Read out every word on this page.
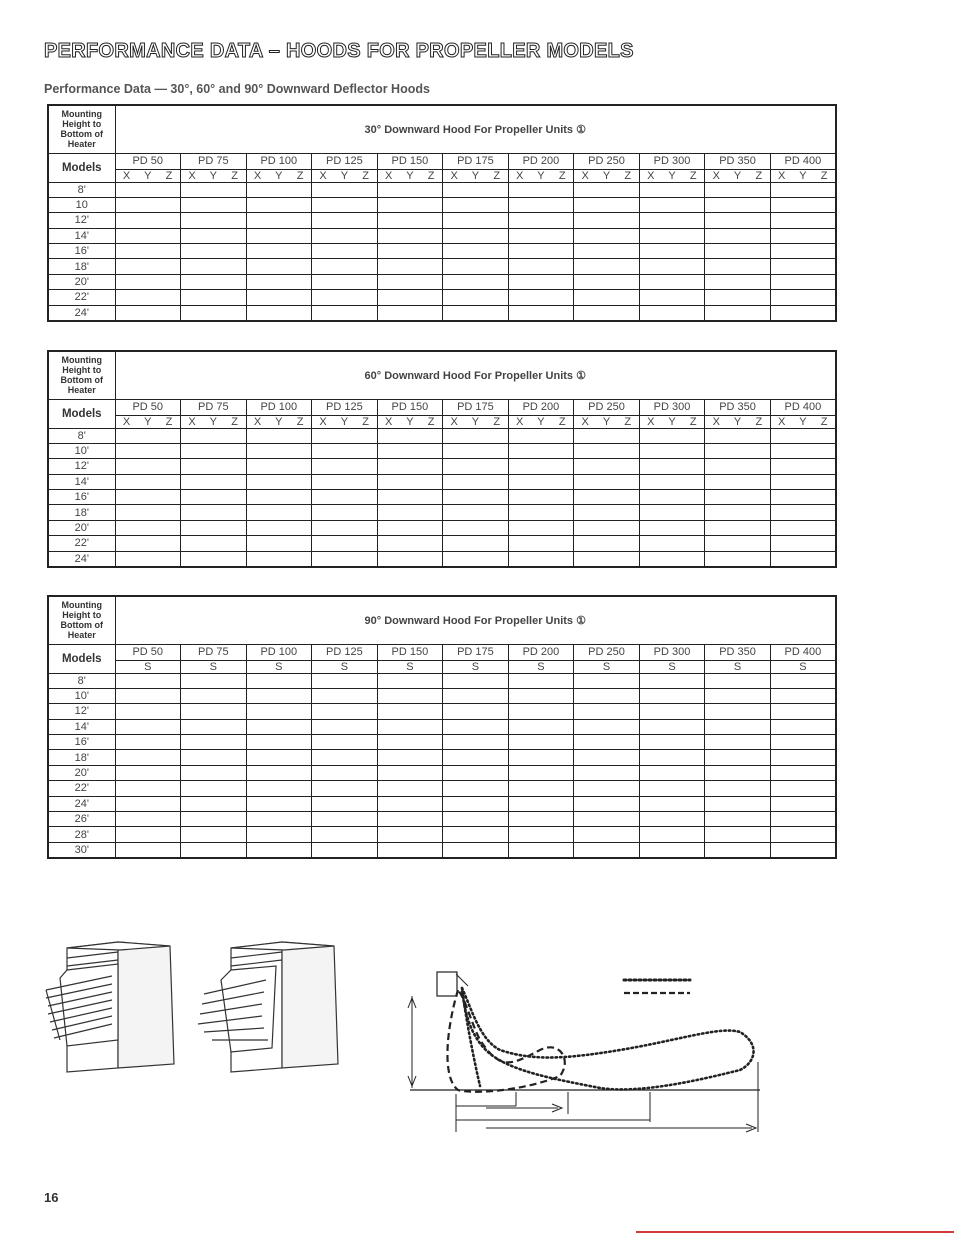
PERFORMANCE DATA – HOODS FOR PROPELLER MODELS
Performance Data — 30°, 60° and 90° Downward Deflector Hoods
Mounting
Height to
Bottom of
Heater	30° Downward Hood For Propeller Units ①										
Models	PD 50	PD 75	PD 100	PD 125	PD 150	PD 175	PD 200	PD 250	PD 300	PD 350	PD 400
	X Y Z	X Y Z	X Y Z	X Y Z	X Y Z	X Y Z	X Y Z	X Y Z	X Y Z	X Y Z	X Y Z
8'											
10											
12'											
14'											
16'											
18'											
20'											
22'											
24'											
Mounting
Height to
Bottom of
Heater	60° Downward Hood For Propeller Units ①										
Models	PD 50	PD 75	PD 100	PD 125	PD 150	PD 175	PD 200	PD 250	PD 300	PD 350	PD 400
	X Y Z	X Y Z	X Y Z	X Y Z	X Y Z	X Y Z	X Y Z	X Y Z	X Y Z	X Y Z	X Y Z
8'											
10'											
12'											
14'											
16'											
18'											
20'											
22'											
24'											
Mounting
Height to
Bottom of
Heater	90° Downward Hood For Propeller Units ①										
Models	PD 50	PD 75	PD 100	PD 125	PD 150	PD 175	PD 200	PD 250	PD 300	PD 350	PD 400
	S	S	S	S	S	S	S	S	S	S	S
8'											
10'											
12'											
14'											
16'											
18'											
20'											
22'											
24'											
26'											
28'											
30'											
16
